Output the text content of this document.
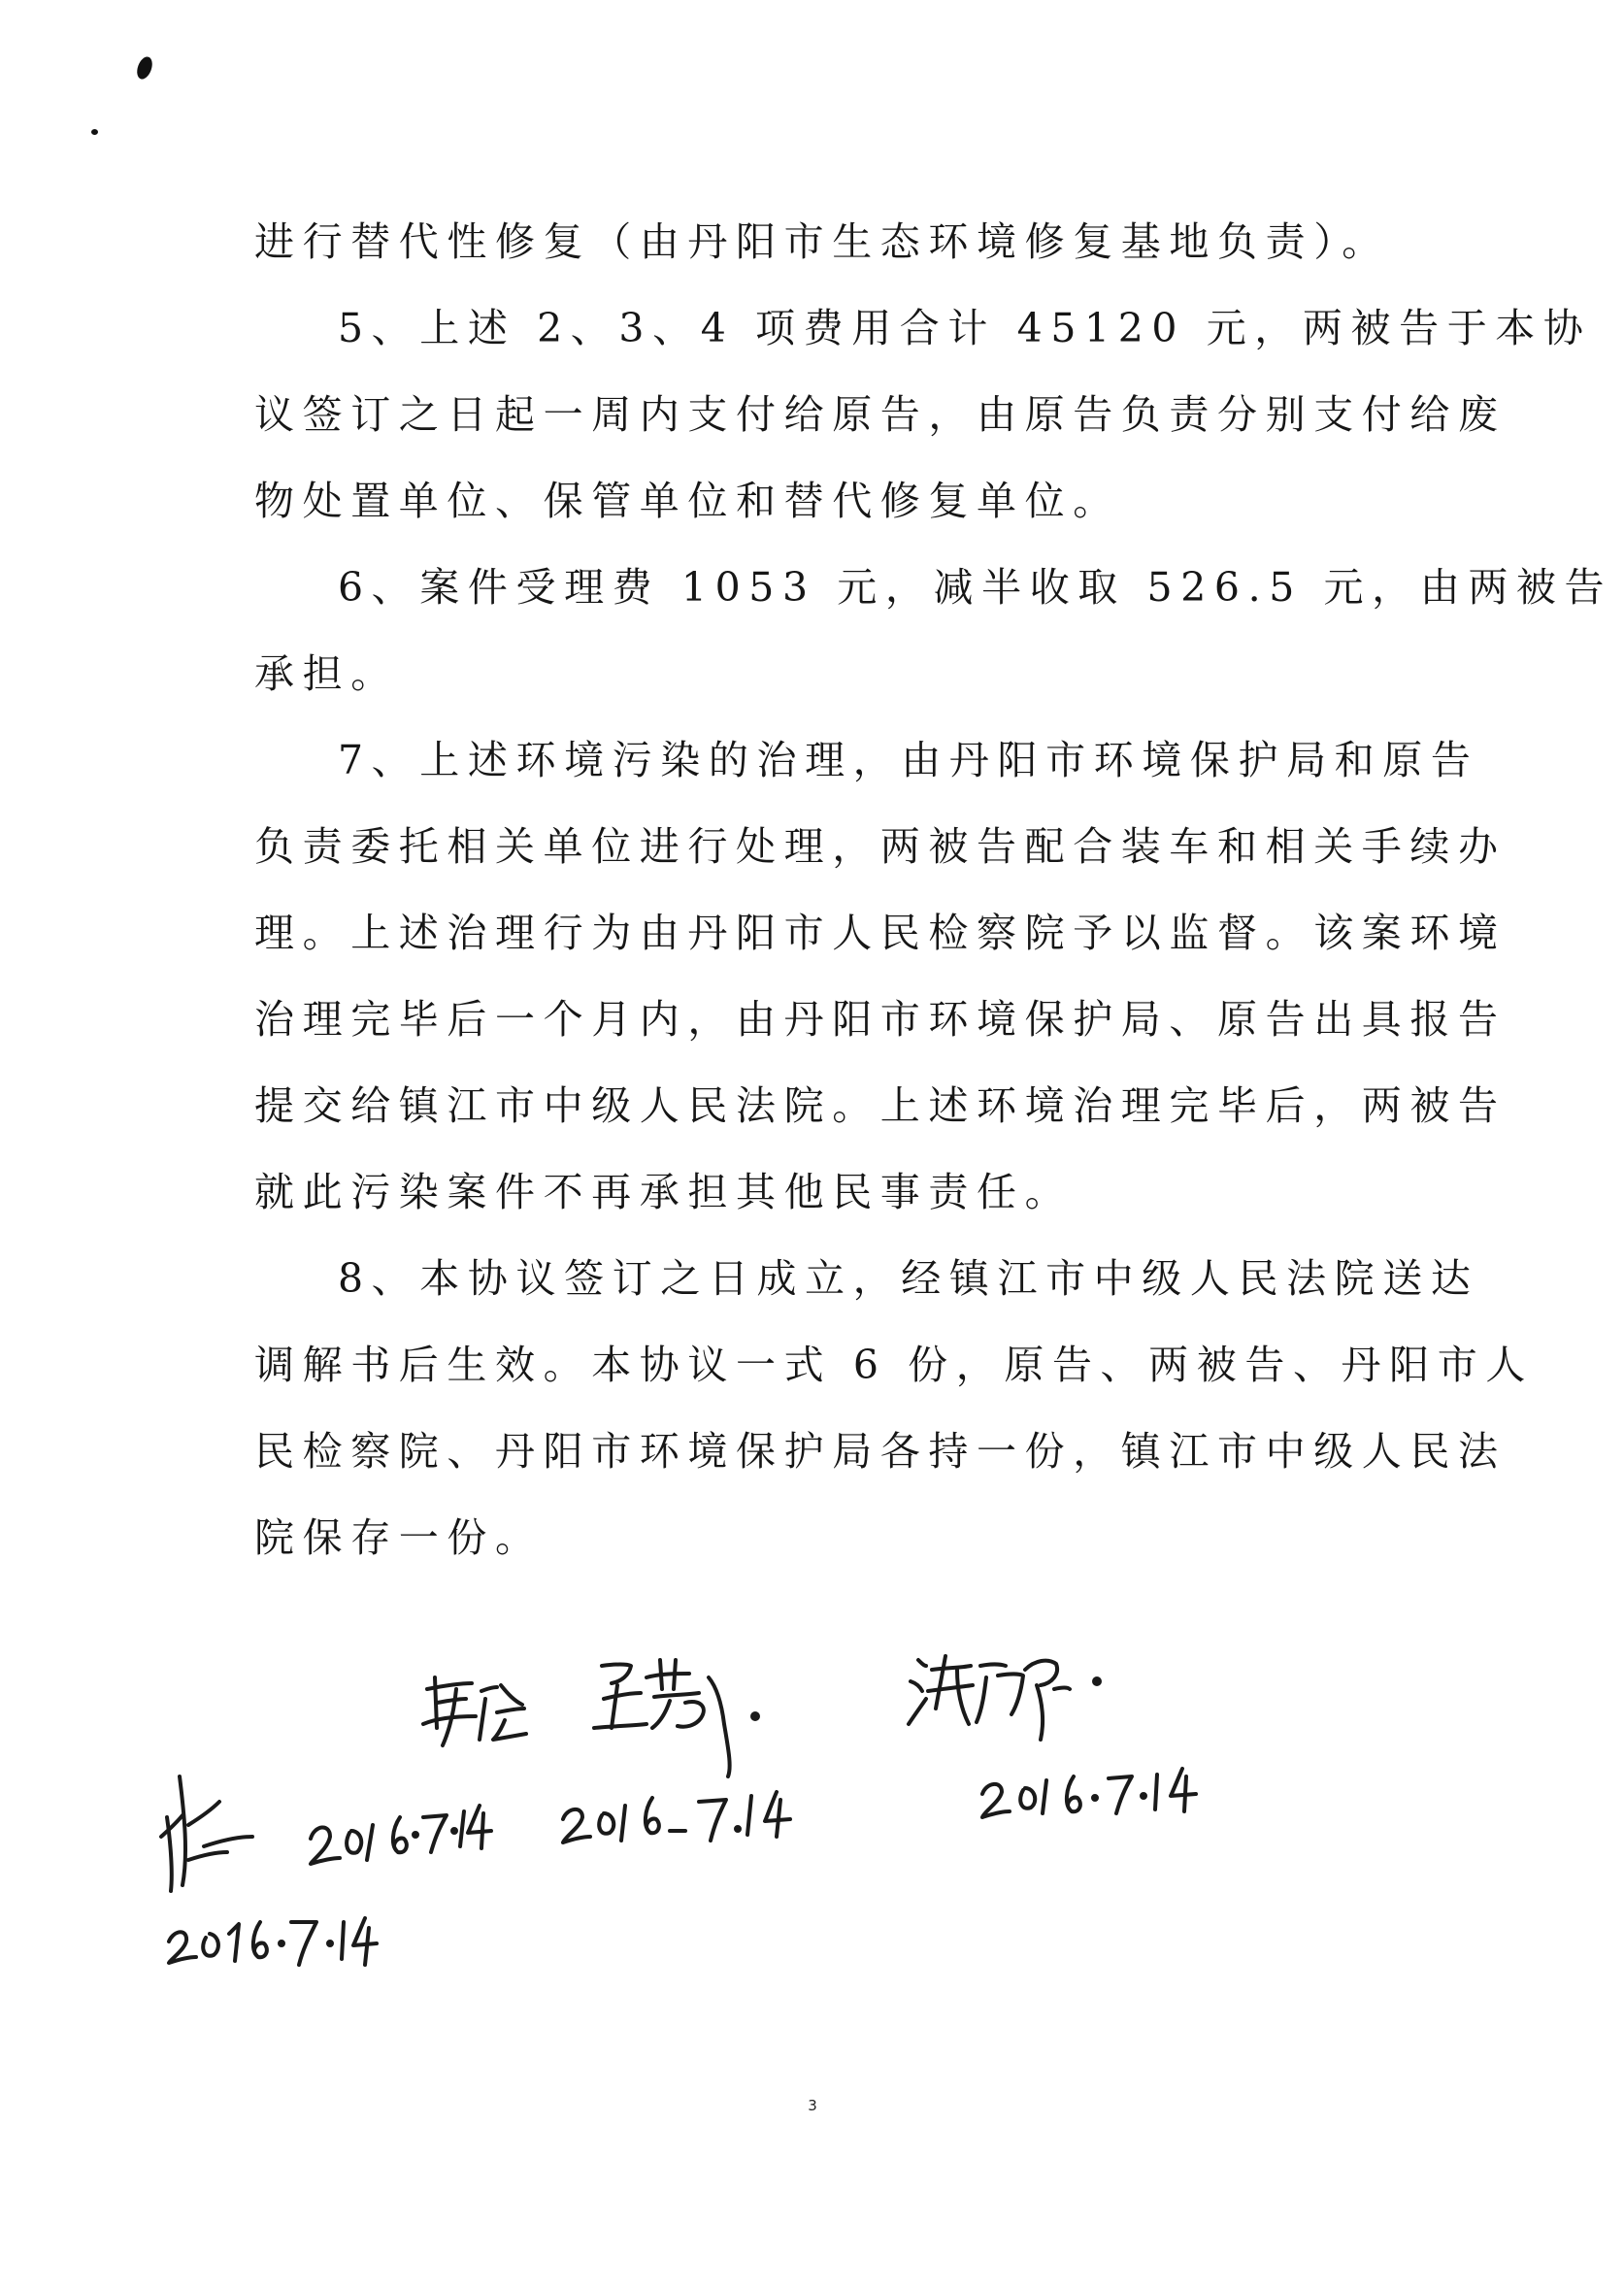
进行替代性修复（由丹阳市生态环境修复基地负责）。
5、上述 2、3、4 项费用合计 45120 元，两被告于本协
议签订之日起一周内支付给原告，由原告负责分别支付给废
物处置单位、保管单位和替代修复单位。
6、案件受理费 1053 元，减半收取 526.5 元，由两被告
承担。
7、上述环境污染的治理，由丹阳市环境保护局和原告
负责委托相关单位进行处理，两被告配合装车和相关手续办
理。上述治理行为由丹阳市人民检察院予以监督。该案环境
治理完毕后一个月内，由丹阳市环境保护局、原告出具报告
提交给镇江市中级人民法院。上述环境治理完毕后，两被告
就此污染案件不再承担其他民事责任。
8、本协议签订之日成立，经镇江市中级人民法院送达
调解书后生效。本协议一式 6 份，原告、两被告、丹阳市人
民检察院、丹阳市环境保护局各持一份，镇江市中级人民法
院保存一份。
3
